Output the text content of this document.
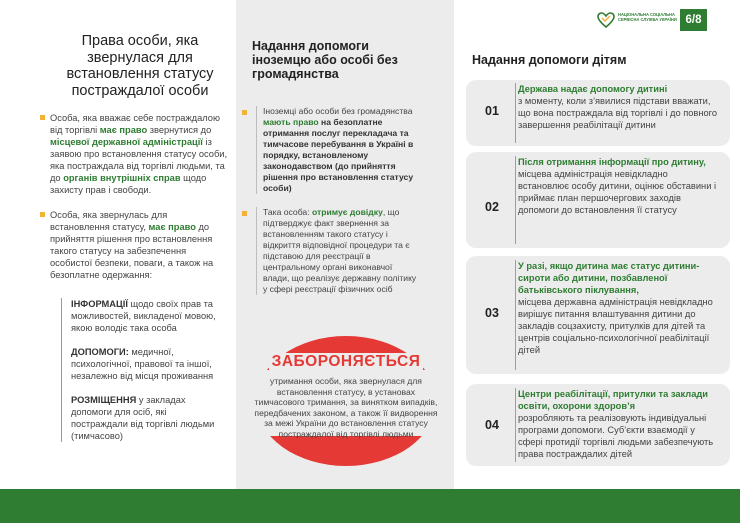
НАЦІОНАЛЬНА СОЦІАЛЬНА СЕРВІСНА СЛУЖБА УКРАЇНИ 6/8
Права особи, яка звернулася для встановлення статусу постраждалої особи
Особа, яка вважає себе постраждалою від торгівлі має право звернутися до місцевої державної адміністрації із заявою про встановлення статусу особи, яка постраждала від торгівлі людьми, та до органів внутрішніх справ щодо захисту прав і свободи.
Особа, яка звернулась для встановлення статусу, має право до прийняття рішення про встановлення такого статусу на забезпечення особистої безпеки, поваги, а також на безоплатне одержання:
ІНФОРМАЦІЇ щодо своїх прав та можливостей, викладеної мовою, якою володіє така особа
ДОПОМОГИ: медичної, психологічної, правової та іншої, незалежно від місця проживання
РОЗМІЩЕННЯ у закладах допомоги для осіб, які постраждали від торгівлі людьми (тимчасово)
Надання допомоги іноземцю або особі без громадянства
Іноземці або особи без громадянства мають право на безоплатне отримання послуг перекладача та тимчасове перебування в Україні в порядку, встановленому законодавством (до прийняття рішення про встановлення статусу особи)
Така особа: отримує довідку, що підтверджує факт звернення за встановленням такого статусу і відкриття відповідної процедури та є підставою для реєстрації в центральному органі виконавчої влади, що реалізує державну політику у сфері реєстрації фізичних осіб
ЗАБОРОНЯЄТЬСЯ
утримання особи, яка звернулася для встановлення статусу, в установах тимчасового тримання, за винятком випадків, передбачених законом, а також її видворення за межі України до встановлення статусу постраждалої від торгівлі людьми
Надання допомоги дітям
01
Держава надає допомогу дитині
з моменту, коли з’явилися підстави вважати, що вона постраждала від торгівлі і до повного завершення реабілітації дитини
02
Після отримання інформації про дитину,
місцева адміністрація невідкладно встановлює особу дитини, оцінює обставини і приймає план першочергових заходів допомоги до встановлення її статусу
03
У разі, якщо дитина має статус дитини-сироти або дитини, позбавленої батьківського піклування,
місцева державна адміністрація невідкладно вирішує питання влаштування дитини до закладів соцзахисту, притулків для дітей та центрів соціально-психологічної реабілітації дітей
04
Центри реабілітації, притулки та заклади освіти, охорони здоров’я
розробляють та реалізовують індивідуальні програми допомоги. Суб’єкти взаємодії у сфері протидії торгівлі людьми забезпечують права постраждалих дітей
